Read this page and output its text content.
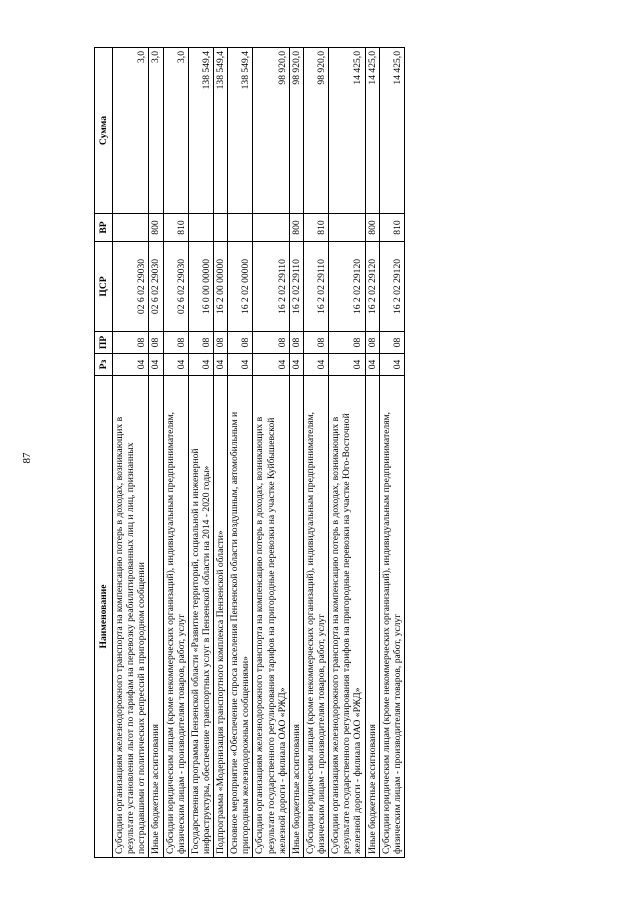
87
Наименование	Рз	ПР	ЦСР	ВР	Сумма
Субсидии организациям железнодорожного транспорта на компенсацию потерь в доходах, возникающих в результате установления льгот по тарифам на перевозку реабилитированных лиц и лиц, признанных пострадавшими от политических репрессий в пригородном сообщении	04	08	02 6 02 29030		3,0
Иные бюджетные ассигнования	04	08	02 6 02 29030	800	3,0
Субсидии юридическим лицам (кроме некоммерческих организаций), индивидуальным предпринимателям, физическим лицам - производителям товаров, работ, услуг	04	08	02 6 02 29030	810	3,0
Государственная программа Пензенской области «Развитие территорий, социальной и инженерной инфраструктуры, обеспечение транспортных услуг в Пензенской области на 2014 - 2020 годы»	04	08	16 0 00 00000		138 549,4
Подпрограмма «Модернизация транспортного комплекса Пензенской области»	04	08	16 2 00 00000		138 549,4
Основное мероприятие «Обеспечение спроса населения Пензенской области воздушным, автомобильным и пригородным железнодорожным сообщениями»	04	08	16 2 02 00000		138 549,4
Субсидии организациям железнодорожного транспорта на компенсацию потерь в доходах, возникающих в результате государственного регулирования тарифов на пригородные перевозки на участке Куйбышевской железной дороги - филиала ОАО «РЖД»	04	08	16 2 02 29110		98 920,0
Иные бюджетные ассигнования	04	08	16 2 02 29110	800	98 920,0
Субсидии юридическим лицам (кроме некоммерческих организаций), индивидуальным предпринимателям, физическим лицам - производителям товаров, работ, услуг	04	08	16 2 02 29110	810	98 920,0
Субсидии организациям железнодорожного транспорта на компенсацию потерь в доходах, возникающих в результате государственного регулирования тарифов на пригородные перевозки на участке Юго-Восточной железной дороги - филиала ОАО «РЖД»	04	08	16 2 02 29120		14 425,0
Иные бюджетные ассигнования	04	08	16 2 02 29120	800	14 425,0
Субсидии юридическим лицам (кроме некоммерческих организаций), индивидуальным предпринимателям, физическим лицам - производителям товаров, работ, услуг	04	08	16 2 02 29120	810	14 425,0
